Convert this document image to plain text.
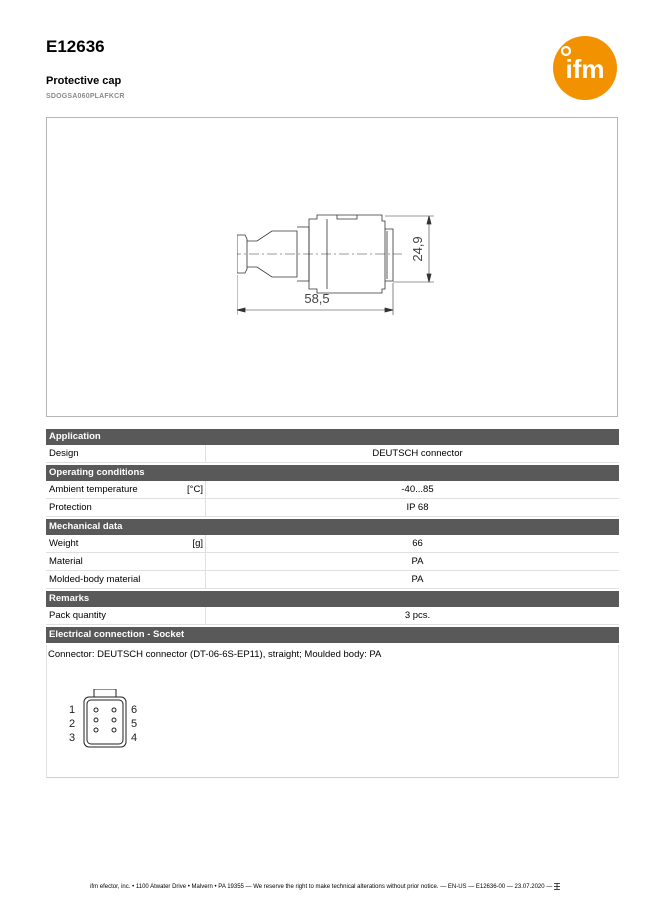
E12636
Protective cap
SDOGSA060PLAFKCR
ifm
58,5
24,9
Application
Design	DEUTSCH connector
Operating conditions
Ambient temperature	[°C]	-40...85
Protection	IP 68
Mechanical data
Weight	[g]	66
Material	PA
Molded-body material	PA
Remarks
Pack quantity	3 pcs.
Electrical connection - Socket
Connector: DEUTSCH connector (DT-06-6S-EP11), straight; Moulded body: PA
1
2
3
6
5
4
ifm efector, inc. • 1100 Atwater Drive • Malvern • PA 19355 — We reserve the right to make technical alterations without prior notice. — EN-US — E12636-00 — 23.07.2020 —
